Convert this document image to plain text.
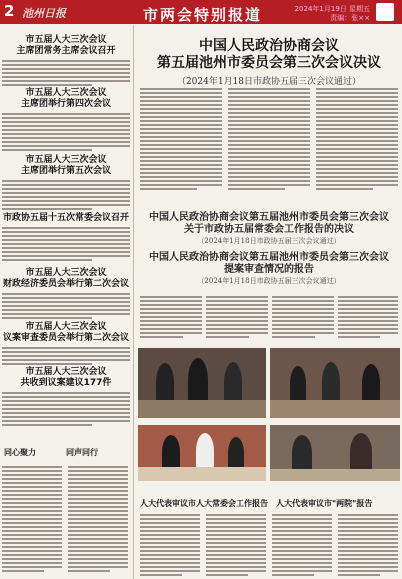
2 池州日报	市两会特别报道	2024年1月19日 星期五
责编：张××
市五届人大三次会议
主席团常务主席会议召开
市五届人大三次会议
主席团举行第四次会议
市五届人大三次会议
主席团举行第五次会议
市政协五届十五次常委会议召开
市五届人大三次会议
财政经济委员会举行第二次会议
市五届人大三次会议
议案审查委员会举行第二次会议
市五届人大三次会议
共收到议案建议177件
同心聚力	同声同行
中国人民政治协商会议
第五届池州市委员会第三次会议决议
（2024年1月18日市政协五届三次会议通过）
中国人民政治协商会议第五届池州市委员会第三次会议
关于市政协五届常委会工作报告的决议
（2024年1月18日市政协五届三次会议通过）
中国人民政治协商会议第五届池州市委员会第三次会议
提案审查情况的报告
（2024年1月18日市政协五届三次会议通过）
人大代表审议市人大常委会工作报告 人大代表审议市"两院"报告
